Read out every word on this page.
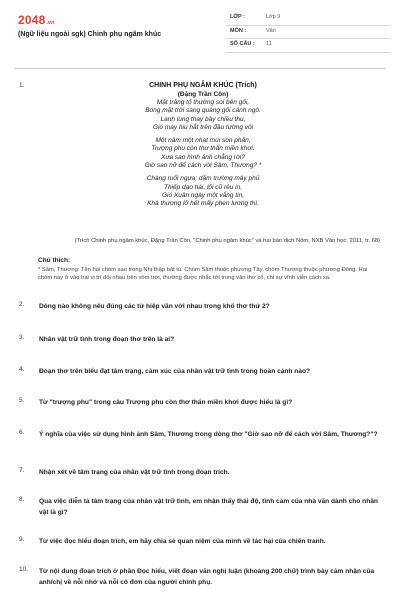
2048 .vn
(Ngữ liệu ngoài sgk) Chinh phụ ngâm khúc
LỚP :	Lớp 9
MÔN :	Văn
SỐ CÂU : 11
1.	CHINH PHỤ NGÂM KHÚC (Trích)
(Đặng Trần Côn)
Mặt trăng tỏ thường soi bên gối,
Bóng mặt trời sáng quáng gối cảnh ngô.
Lanh lùng thay bây chiều thu,
Gió may hiu hắt trên đầu tường vôi
Một năm một nhạt mùi son phấn,
Trượng phu còn thơ thẩn miền khơi.
Xưa sao hình ảnh chẳng rời?
Giờ sao nỡ để cách vời Sâm, Thương? *
Chàng ruổi ngựa; dặm trường mây phủ
Thiếp dạo hài, lối cũ rêu in.
Gió Xuân ngày một vắng tin,
Khá thương lỡ hết mấy phen lương thì.
(Trích Chinh phụ ngâm khúc, Đặng Trần Côn, "Chinh phụ ngâm khúc" và hai bản dịch Nôm, NXB Văn học, 2011, tr. 68)
Chú thích:
* Sâm, Thương: Tên hai chòm sao trong Nhị thập bát tú. Chòm Sâm thuộc phương Tây, chòm Thương thuộc phương Đông. Hai chòm này ở vào hai vị trí đối nhau trên vòm trời, thường được nhắc tới trong văn thơ cổ, chỉ sự vĩnh viễn cách xa.
2.	Dòng nào không nêu đúng các từ hiệp vần với nhau trong khổ thơ thứ 2?
3.	Nhân vật trữ tình trong đoạn thơ trên là ai?
4.	Đoạn thơ trên biểu đạt tâm trạng, cảm xúc của nhân vật trữ tình trong hoàn cảnh nào?
5.	Từ "trượng phu" trong câu Trượng phu còn thơ thẩn miền khơi được hiểu là gì?
6.	Ý nghĩa của việc sử dụng hình ảnh Sâm, Thương trong dòng thơ "Giờ sao nỡ để cách vời Sâm, Thương?"?
7.	Nhận xét về tâm trạng của nhân vật trữ tình trong đoạn trích.
8.	Qua việc diễn tả tâm trạng của nhân vật trữ tình, em nhận thấy thái độ, tình cảm của nhà văn dành cho nhân vật là gì?
9.	Từ việc đọc hiểu đoạn trích, em hãy chia sẻ quan niệm của mình về tác hại của chiến tranh.
10.	Từ nội dung đoạn trích ở phần Đọc hiểu, viết đoạn văn nghị luận (khoảng 200 chữ) trình bày cảm nhận của anh/chị về nỗi nhớ và nỗi cô đơn của người chinh phụ.
